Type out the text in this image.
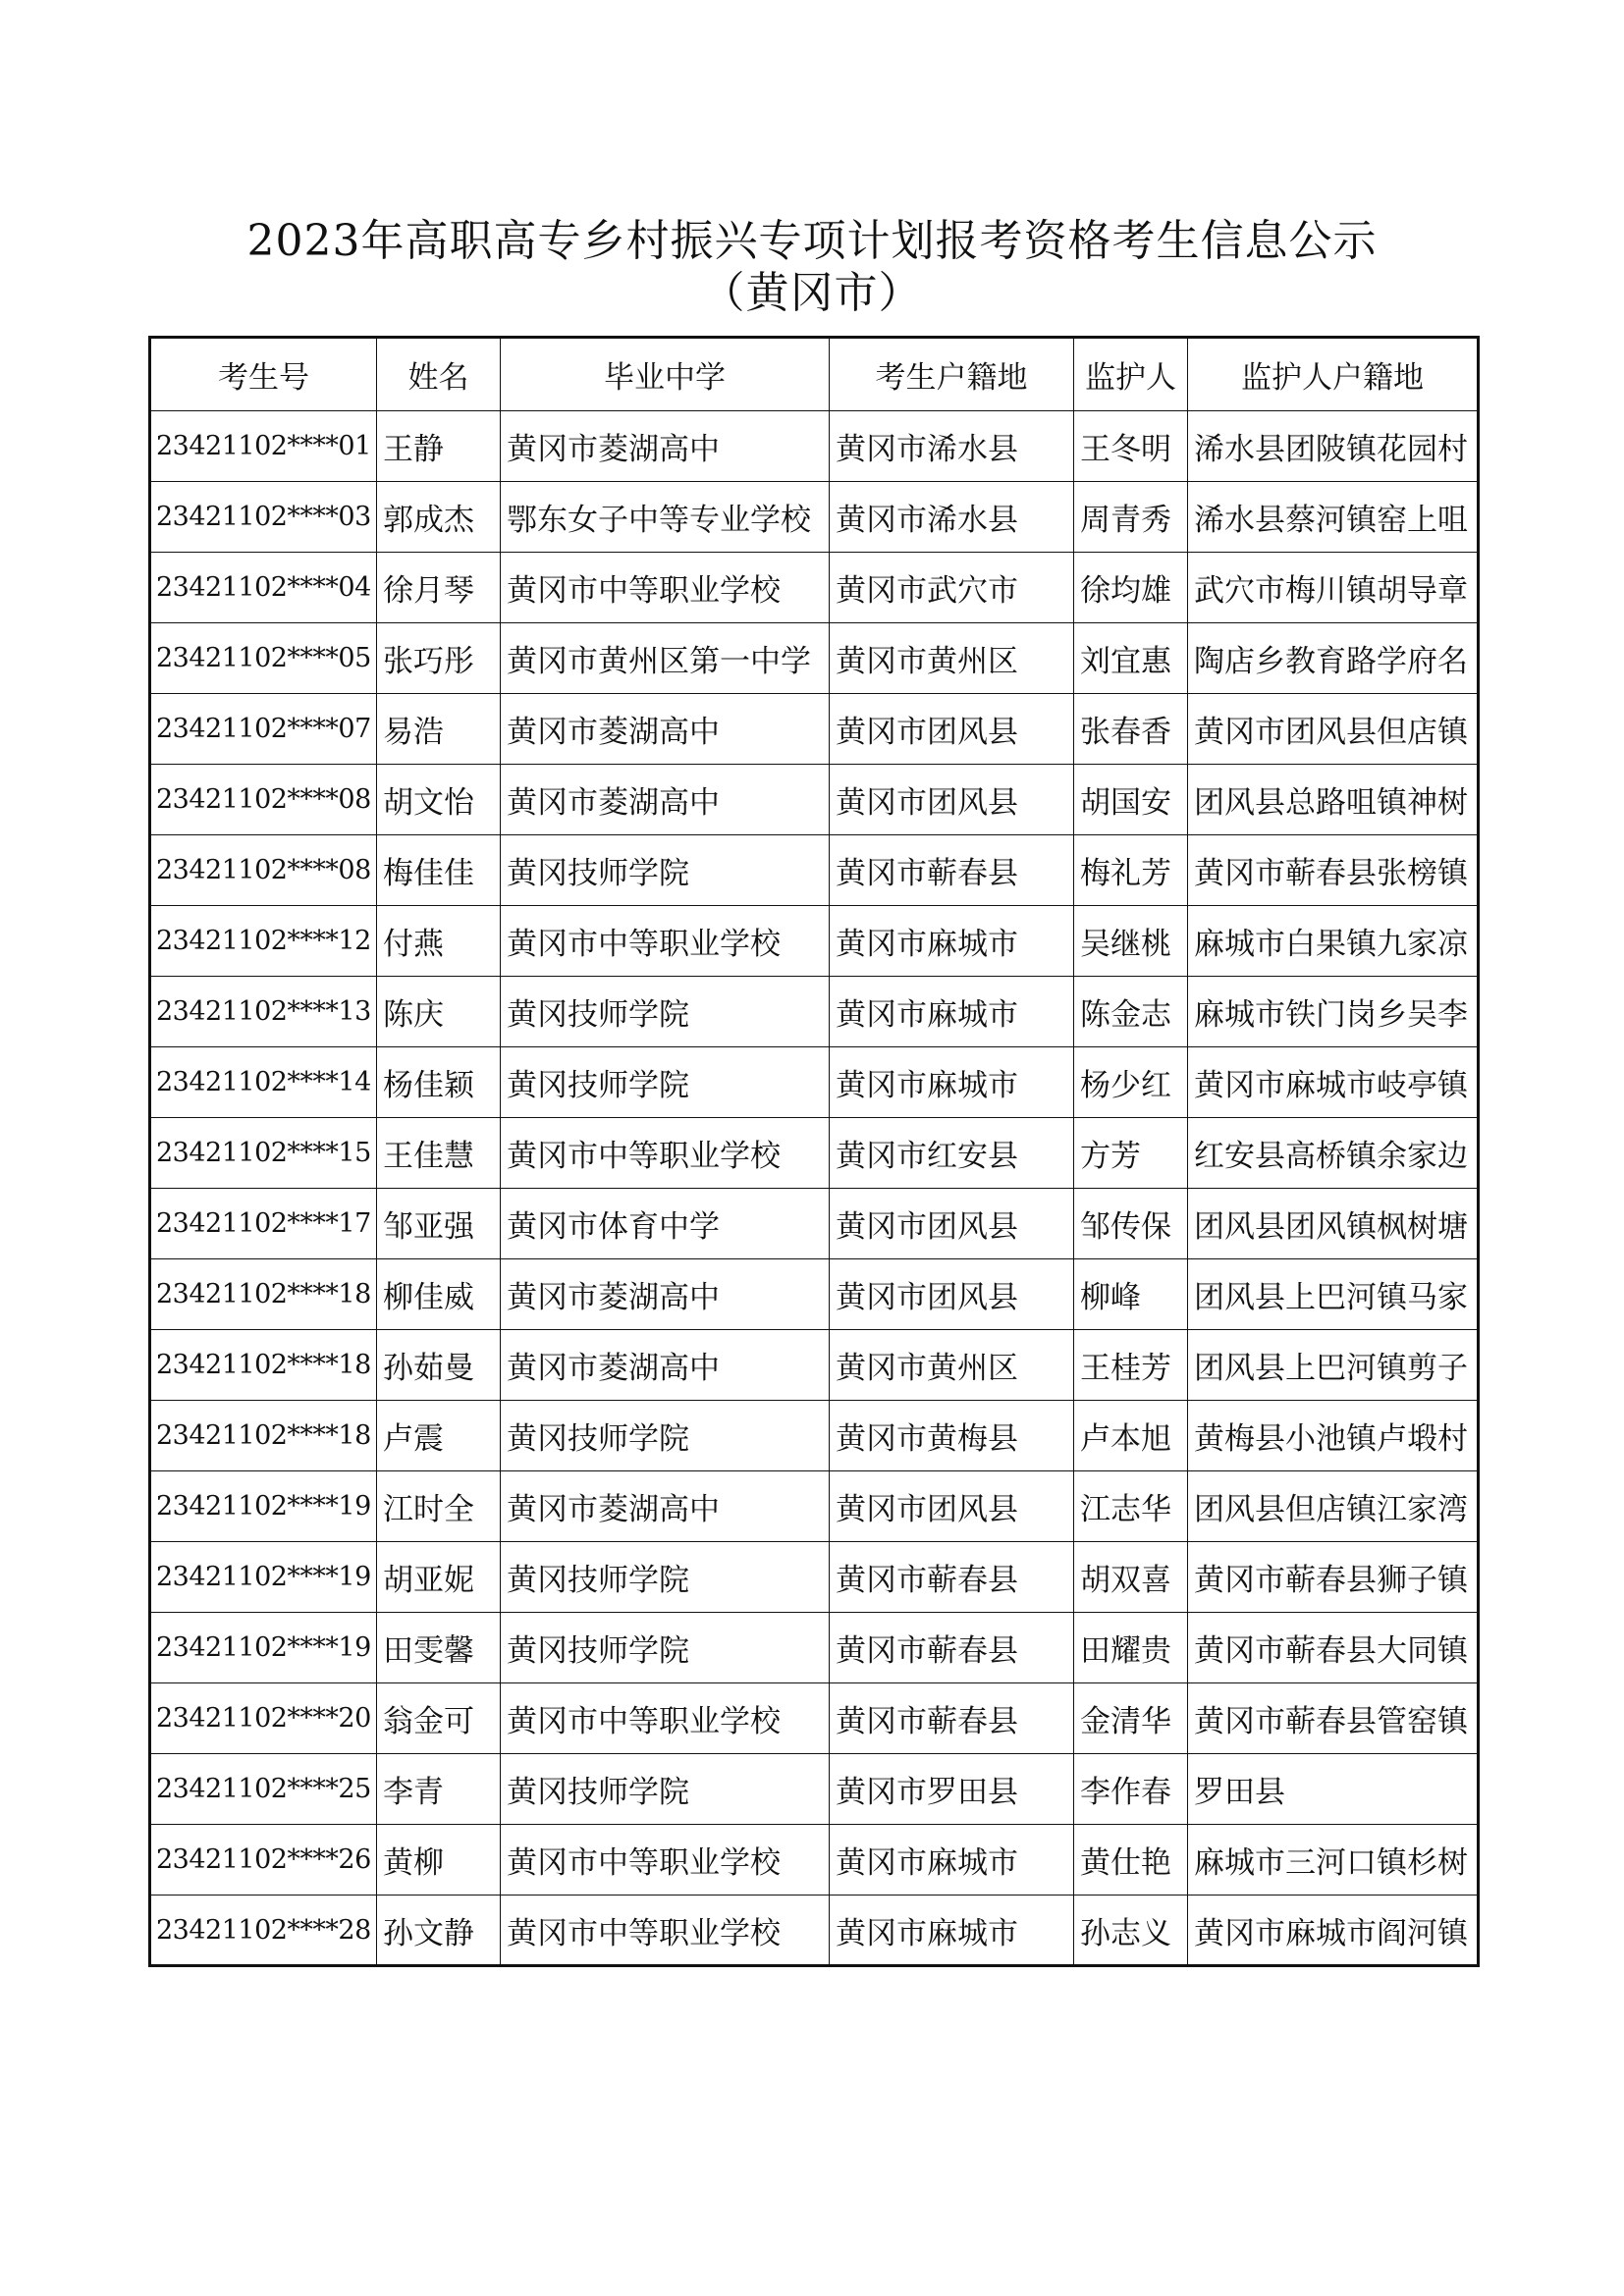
2023年高职高专乡村振兴专项计划报考资格考生信息公示
（黄冈市）
考生号	姓名	毕业中学	考生户籍地	监护人	监护人户籍地
23421102****01	王静	黄冈市菱湖高中	黄冈市浠水县	王冬明	浠水县团陂镇花园村
23421102****03	郭成杰	鄂东女子中等专业学校	黄冈市浠水县	周青秀	浠水县蔡河镇窑上咀
23421102****04	徐月琴	黄冈市中等职业学校	黄冈市武穴市	徐均雄	武穴市梅川镇胡导章
23421102****05	张巧彤	黄冈市黄州区第一中学	黄冈市黄州区	刘宜惠	陶店乡教育路学府名
23421102****07	易浩	黄冈市菱湖高中	黄冈市团风县	张春香	黄冈市团风县但店镇
23421102****08	胡文怡	黄冈市菱湖高中	黄冈市团风县	胡国安	团风县总路咀镇神树
23421102****08	梅佳佳	黄冈技师学院	黄冈市蕲春县	梅礼芳	黄冈市蕲春县张榜镇
23421102****12	付燕	黄冈市中等职业学校	黄冈市麻城市	吴继桃	麻城市白果镇九家凉
23421102****13	陈庆	黄冈技师学院	黄冈市麻城市	陈金志	麻城市铁门岗乡吴李
23421102****14	杨佳颖	黄冈技师学院	黄冈市麻城市	杨少红	黄冈市麻城市岐亭镇
23421102****15	王佳慧	黄冈市中等职业学校	黄冈市红安县	方芳	红安县高桥镇余家边
23421102****17	邹亚强	黄冈市体育中学	黄冈市团风县	邹传保	团风县团风镇枫树塘
23421102****18	柳佳威	黄冈市菱湖高中	黄冈市团风县	柳峰	团风县上巴河镇马家
23421102****18	孙茹曼	黄冈市菱湖高中	黄冈市黄州区	王桂芳	团风县上巴河镇剪子
23421102****18	卢震	黄冈技师学院	黄冈市黄梅县	卢本旭	黄梅县小池镇卢塅村
23421102****19	江时全	黄冈市菱湖高中	黄冈市团风县	江志华	团风县但店镇江家湾
23421102****19	胡亚妮	黄冈技师学院	黄冈市蕲春县	胡双喜	黄冈市蕲春县狮子镇
23421102****19	田雯馨	黄冈技师学院	黄冈市蕲春县	田耀贵	黄冈市蕲春县大同镇
23421102****20	翁金可	黄冈市中等职业学校	黄冈市蕲春县	金清华	黄冈市蕲春县管窑镇
23421102****25	李青	黄冈技师学院	黄冈市罗田县	李作春	罗田县
23421102****26	黄柳	黄冈市中等职业学校	黄冈市麻城市	黄仕艳	麻城市三河口镇杉树
23421102****28	孙文静	黄冈市中等职业学校	黄冈市麻城市	孙志义	黄冈市麻城市阎河镇
